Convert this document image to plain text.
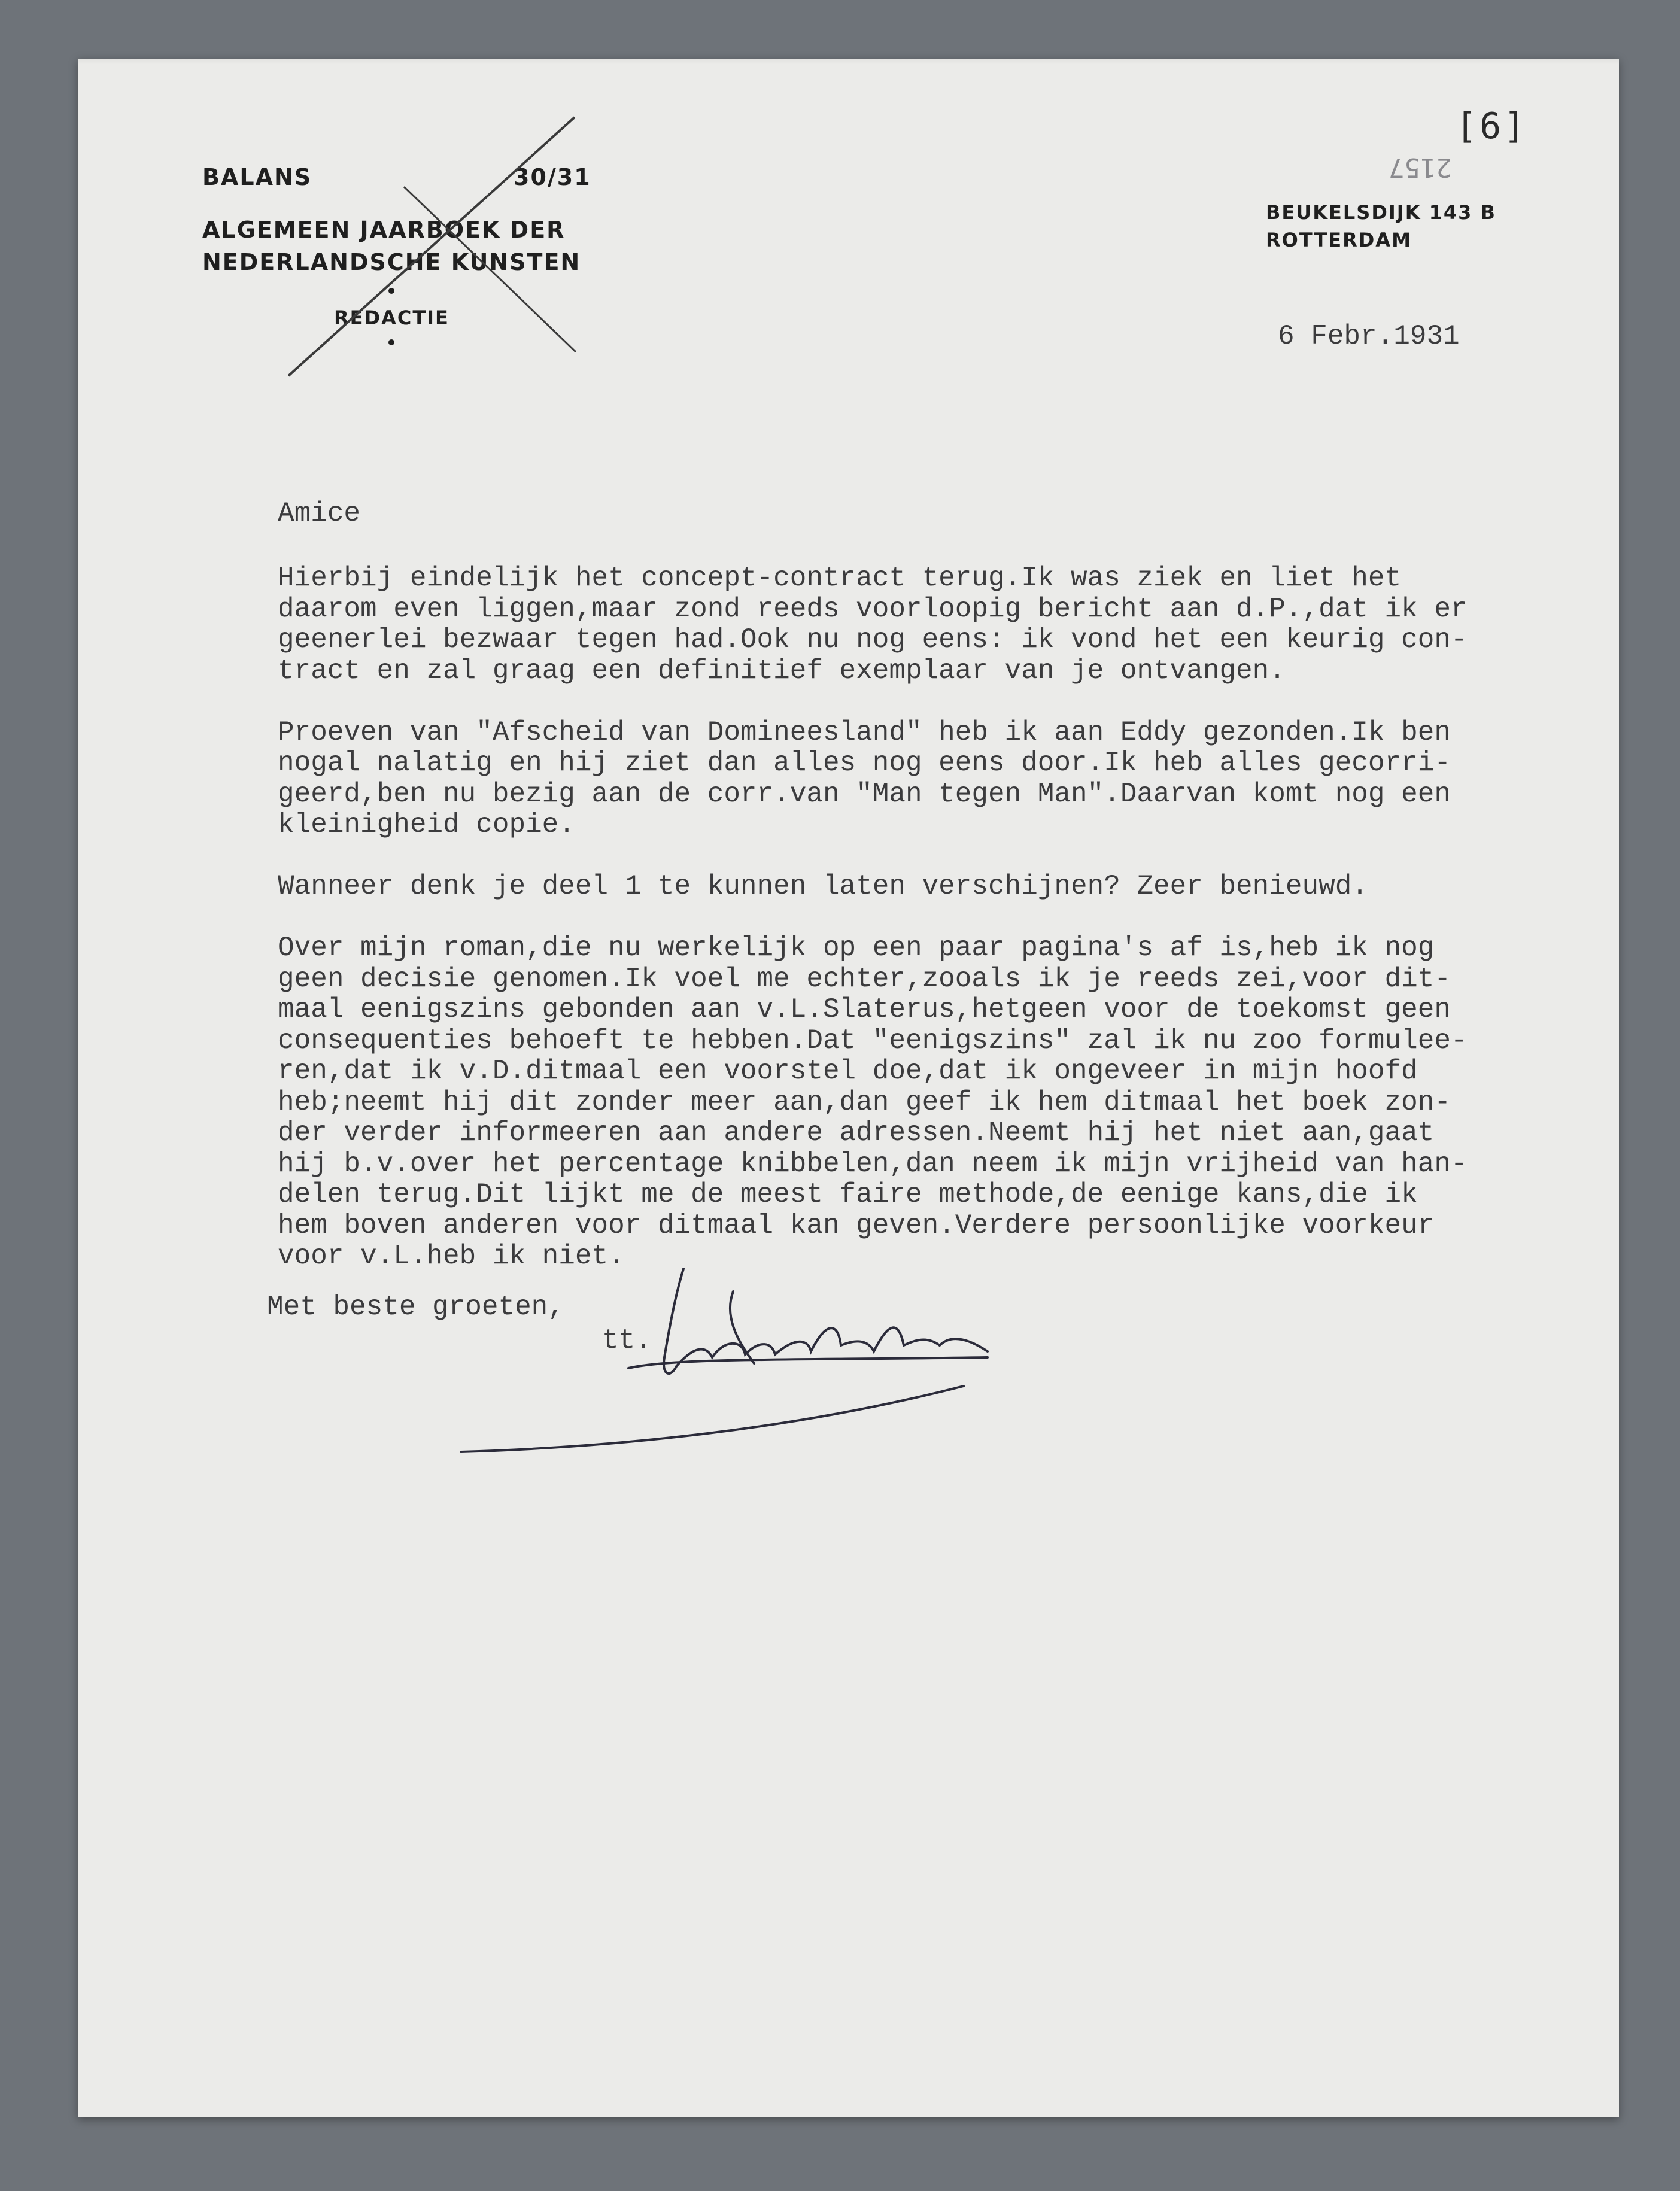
BALANS	30/31
ALGEMEEN JAARBOEK DER
NEDERLANDSCHE KUNSTEN
REDACTIE
BEUKELSDIJK 143 B
ROTTERDAM
[6]
2157
6 Febr.1931
Amice
Hierbij eindelijk het concept-contract terug.Ik was ziek en liet het
daarom even liggen,maar zond reeds voorloopig bericht aan d.P.,dat ik er
geenerlei bezwaar tegen had.Ook nu nog eens: ik vond het een keurig con-
tract en zal graag een definitief exemplaar van je ontvangen.
Proeven van "Afscheid van Domineesland" heb ik aan Eddy gezonden.Ik ben
nogal nalatig en hij ziet dan alles nog eens door.Ik heb alles gecorri-
geerd,ben nu bezig aan de corr.van "Man tegen Man".Daarvan komt nog een
kleinigheid copie.
Wanneer denk je deel 1 te kunnen laten verschijnen? Zeer benieuwd.
Over mijn roman,die nu werkelijk op een paar pagina's af is,heb ik nog
geen decisie genomen.Ik voel me echter,zooals ik je reeds zei,voor dit-
maal eenigszins gebonden aan v.L.Slaterus,hetgeen voor de toekomst geen
consequenties behoeft te hebben.Dat "eenigszins" zal ik nu zoo formulee-
ren,dat ik v.D.ditmaal een voorstel doe,dat ik ongeveer in mijn hoofd
heb;neemt hij dit zonder meer aan,dan geef ik hem ditmaal het boek zon-
der verder informeeren aan andere adressen.Neemt hij het niet aan,gaat
hij b.v.over het percentage knibbelen,dan neem ik mijn vrijheid van han-
delen terug.Dit lijkt me de meest faire methode,de eenige kans,die ik
hem boven anderen voor ditmaal kan geven.Verdere persoonlijke voorkeur
voor v.L.heb ik niet.
Met beste groeten,
tt.
